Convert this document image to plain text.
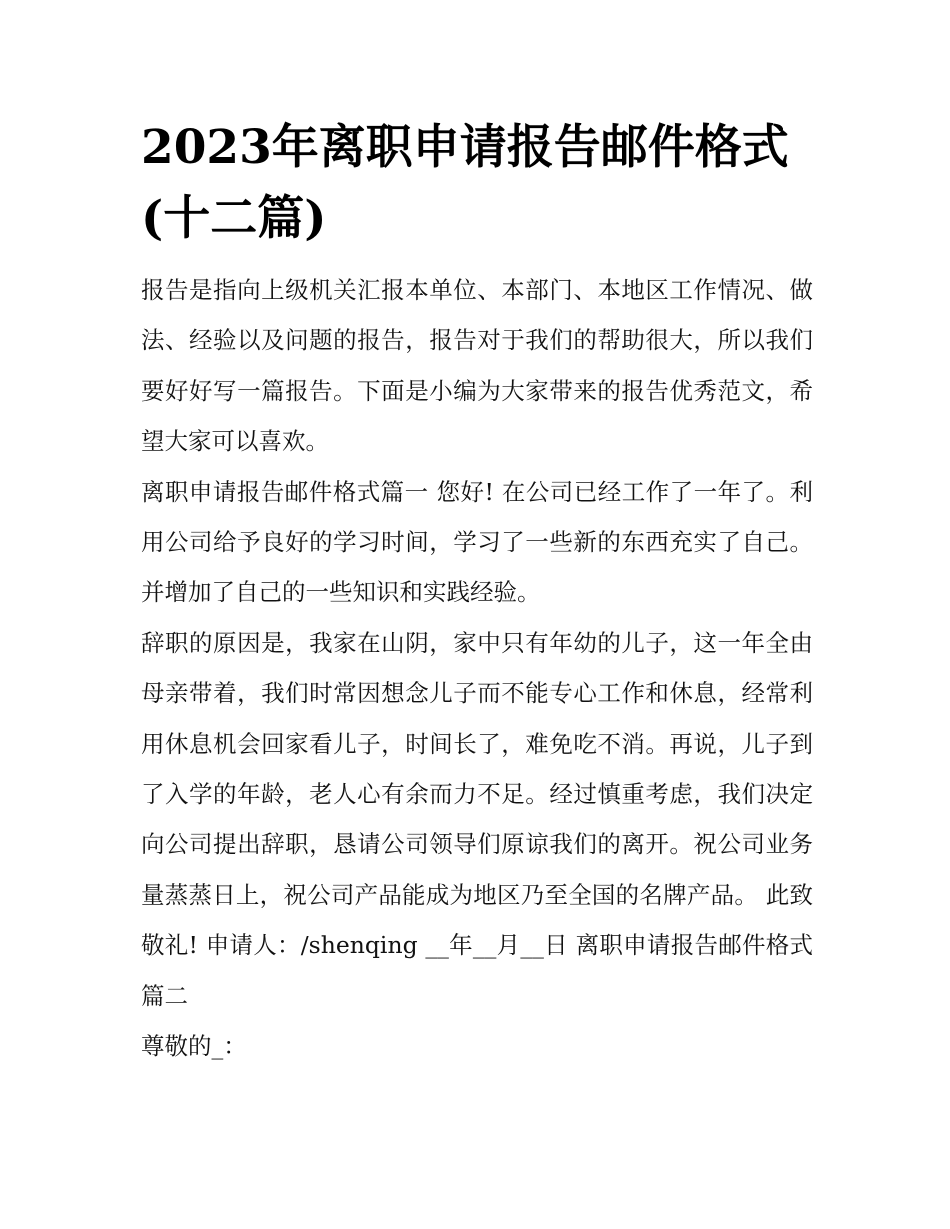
2023年离职申请报告邮件格式(十二篇)

报告是指向上级机关汇报本单位、本部门、本地区工作情况、做法、经验以及问题的报告，报告对于我们的帮助很大，所以我们要好好写一篇报告。下面是小编为大家带来的报告优秀范文，希望大家可以喜欢。

离职申请报告邮件格式篇一 您好! 在公司已经工作了一年了。利用公司给予良好的学习时间，学习了一些新的东西充实了自己。并增加了自己的一些知识和实践经验。

辞职的原因是，我家在山阴，家中只有年幼的儿子，这一年全由母亲带着，我们时常因想念儿子而不能专心工作和休息，经常利用休息机会回家看儿子，时间长了，难免吃不消。再说，儿子到了入学的年龄，老人心有余而力不足。经过慎重考虑，我们决定向公司提出辞职，恳请公司领导们原谅我们的离开。祝公司业务量蒸蒸日上，祝公司产品能成为地区乃至全国的名牌产品。 此致 敬礼! 申请人：/shenqing __年__月__日 离职申请报告邮件格式篇二

尊敬的_：
